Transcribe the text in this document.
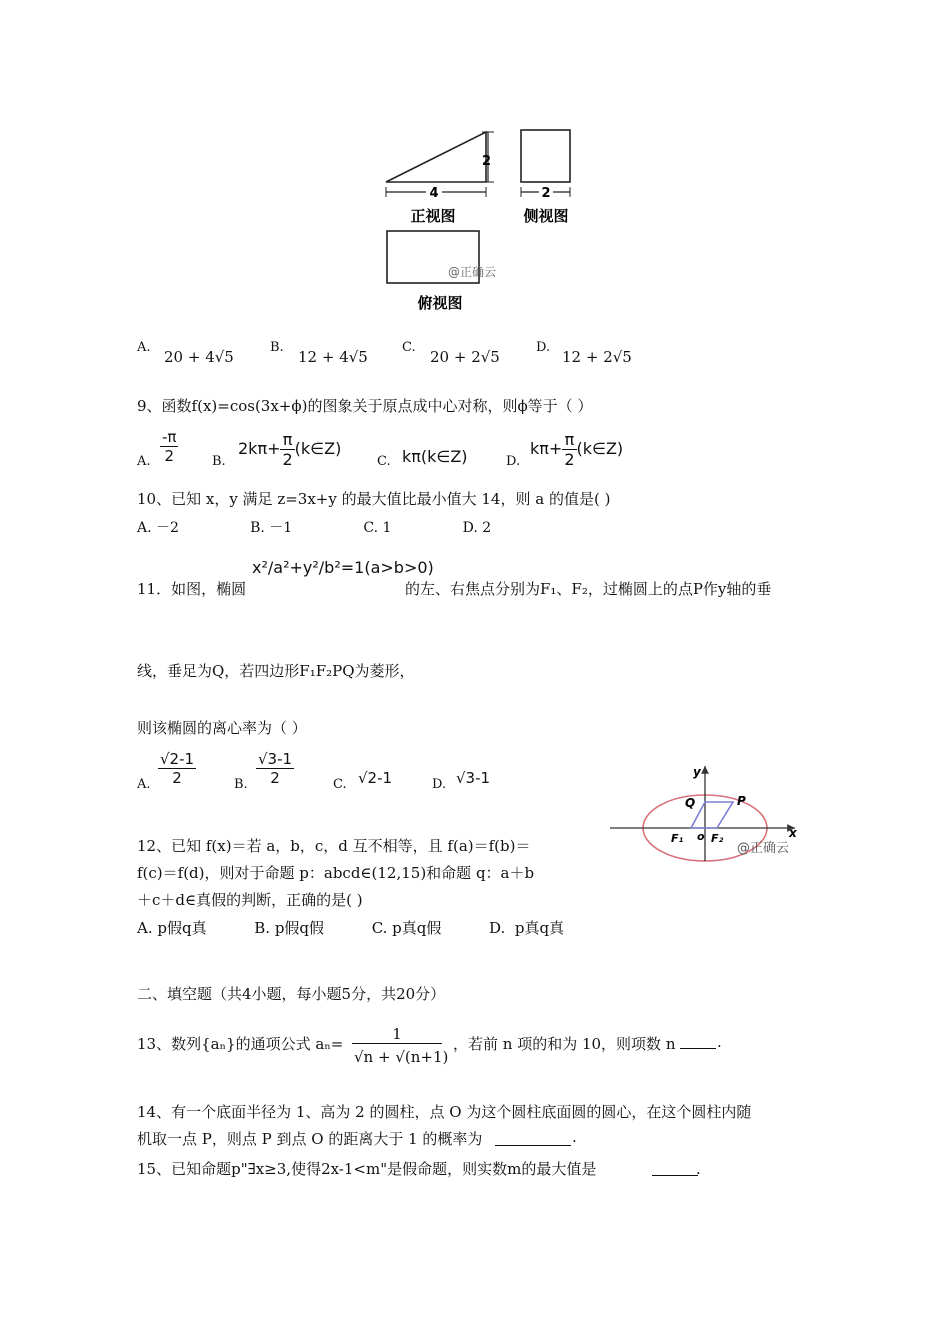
4
2
正视图
@正确云
俯视图
2
侧视图
A.
20 + 4√5
B.
12 + 4√5
C.
20 + 2√5
D.
12 + 2√5
9、函数f(x)=cos(3x+ϕ)的图象关于原点成中心对称，则ϕ等于（ ）
A. $\frac{-\pi}{2}$	B.
$2k\pi+ \frac{\pi}{2}$ (k∈Z)
C. kπ(k∈Z)	D.
$k\pi+ \frac{\pi}{2}$ (k∈Z)
10、已知 x，y 满足 z=3x+y 的最大值比最小值大 14，则 a 的值是( )
A. －2                B. －1                C. 1                D. 2
11．如图，椭圆
x²/a²+y²/b²=1(a>b>0)
的左、右焦点分别为F₁、F₂，过椭圆上的点P作y轴的垂
线，垂足为Q，若四边形F₁F₂PQ为菱形，
则该椭圆的离心率为（ ）
A. $\frac{√2-1}{2}$	B. $\frac{√3-1}{2}$	C. √2-1	D. √3-1	y
x
Q	P
F₁ o F₂
@正确云
12、已知 f(x)＝若 a，b，c，d 互不相等，且 f(a)＝f(b)＝
f(c)＝f(d)，则对于命题 p：abcd∈(12,15)和命题 q：a＋b
＋c＋d∈真假的判断，正确的是( )
A. p假q真          B. p假q假          C. p真q假          D.  p真q真
二、填空题（共4小题，每小题5分，共20分）
13、数列{aₙ}的通项公式 $a_n= \frac{1}{√n + √(n+1)}$ ，若前 n 项的和为 10，则项数 n	.
14、有一个底面半径为 1、高为 2 的圆柱，点 O 为这个圆柱底面圆的圆心，在这个圆柱内随
机取一点 P，则点 P 到点 O 的距离大于 1 的概率为	.
15、已知命题p"∃x≥3,使得2x-1<m"是假命题，则实数m的最大值是	.
